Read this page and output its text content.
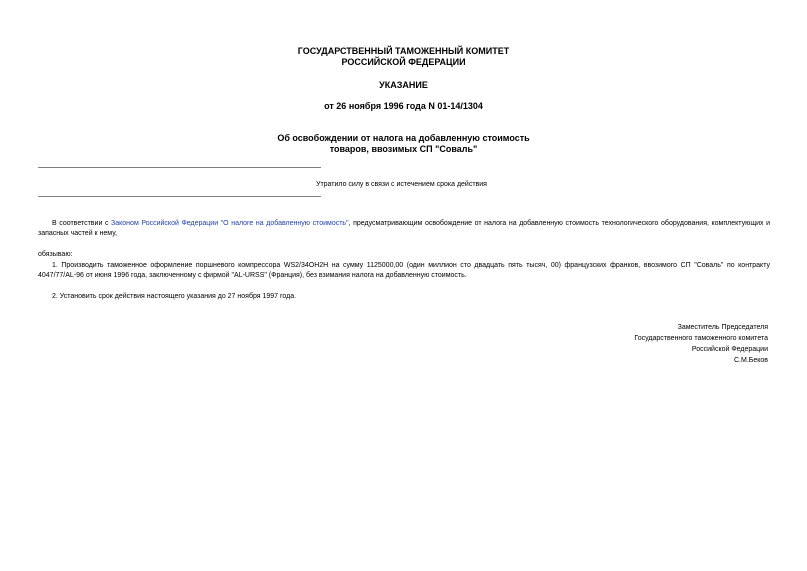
ГОСУДАРСТВЕННЫЙ ТАМОЖЕННЫЙ КОМИТЕТ
РОССИЙСКОЙ ФЕДЕРАЦИИ
УКАЗАНИЕ
от 26 ноября 1996 года N 01-14/1304
Об освобождении от налога на добавленную стоимость
товаров, ввозимых СП "Соваль"
Утратило силу в связи с истечением срока действия
В соответствии с Законом Российской Федерации "О налоге на добавленную стоимость", предусматривающим освобождение от налога на добавленную стоимость технологического оборудования, комплектующих и запасных частей к нему,
обязываю:
1. Производить таможенное оформление поршневого компрессора WS2/34OH2H на сумму 1125000,00 (один миллион сто двадцать пять тысяч, 00) французских франков, ввозимого СП "Соваль" по контракту 4047/77/AL-96 от июня 1996 года, заключенному с фирмой "AL-URSS" (Франция), без взимания налога на добавленную стоимость.
2. Установить срок действия настоящего указания до 27 ноября 1997 года.
Заместитель Председателя
Государственного таможенного комитета
Российской Федерации
С.М.Беков
